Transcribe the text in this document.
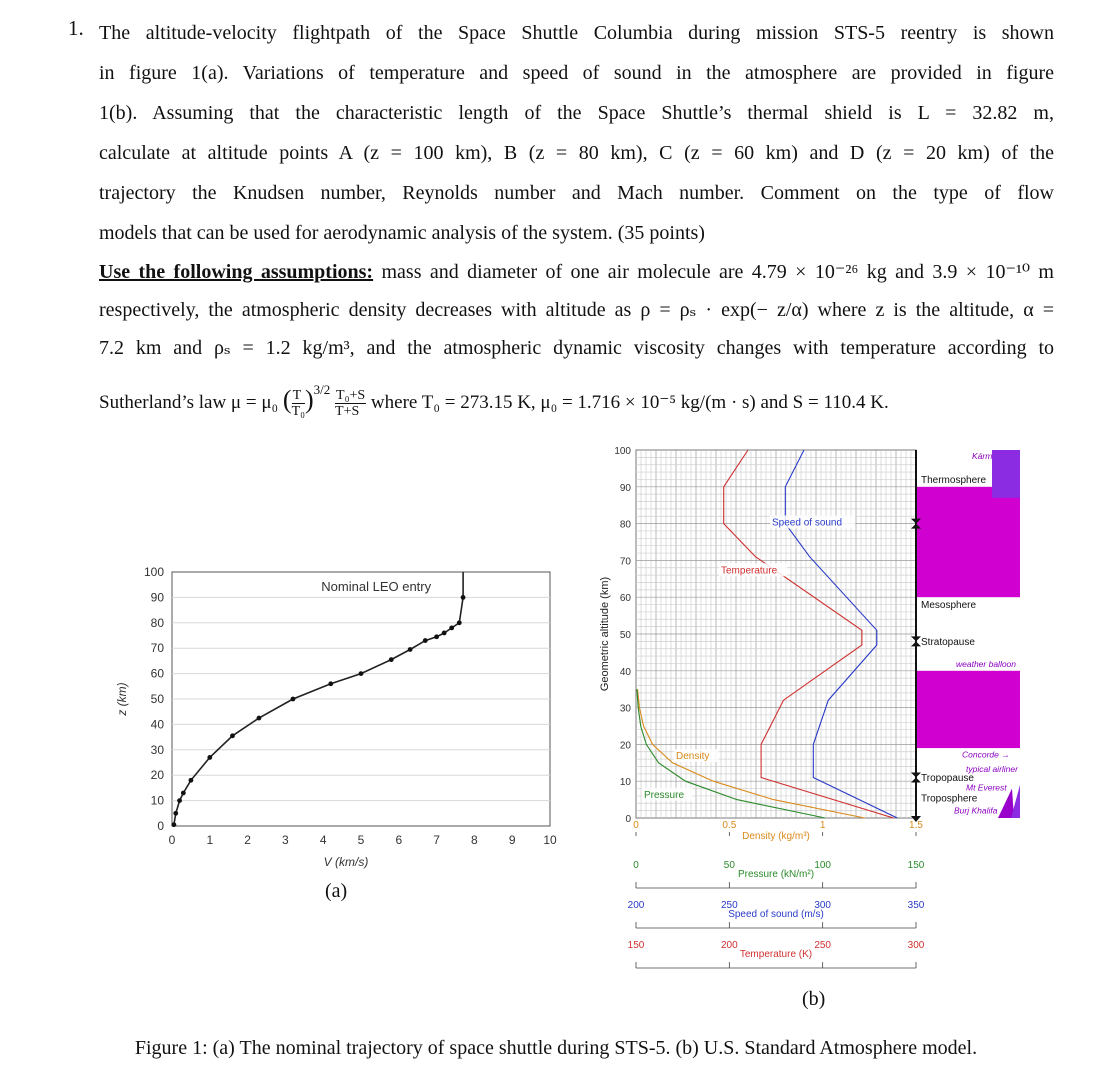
1. The altitude-velocity flightpath of the Space Shuttle Columbia during mission STS-5 reentry is shown
in figure 1(a). Variations of temperature and speed of sound in the atmosphere are provided in figure
1(b). Assuming that the characteristic length of the Space Shuttle’s thermal shield is L = 32.82 m,
calculate at altitude points A (z = 100 km), B (z = 80 km), C (z = 60 km) and D (z = 20 km) of the
trajectory the Knudsen number, Reynolds number and Mach number. Comment on the type of flow
models that can be used for aerodynamic analysis of the system. (35 points)
Use the following assumptions: mass and diameter of one air molecule are 4.79 × 10⁻²⁶ kg and 3.9 × 10⁻¹⁰ m
respectively, the atmospheric density decreases with altitude as ρ = ρₛ · exp(− z/α) where z is the altitude, α =
7.2 km and ρₛ = 1.2 kg/m³, and the atmospheric dynamic viscosity changes with temperature according to
Sutherland’s law μ = μ₀ ( $\frac{T}{\text{T₀}} )^{3/2} \frac{\text{T₀+S}}{T+S}$ where T₀ = 273.15 K, μ₀ = 1.716 × 10⁻⁵ kg/(m · s) and S = 110.4 K.
0
10
20
30
40
50
60
70
80
90
100
0	1	2	3	4	5	6	7	8	9 10
V (km/s)
z (km)
Nominal LEO entry
(a)
0
10
20
30
40
50
60
70
80
90
100
Geometric altitude (km)
Temperature
Speed of sound
Density
Pressure
Thermosphere
Mesosphere
Stratopause
Tropopause
Troposphere
Kárm
weather balloon
Concorde →
typical airliner
Mt Everest
Burj Khalifa
0	0.5	1	1.5
Density (kg/m³)
0	50	100	150
Pressure (kN/m²)
200	250	300	350
Speed of sound (m/s)
150	200	250	300
Temperature (K)
(b)
Figure 1: (a) The nominal trajectory of space shuttle during STS-5. (b) U.S. Standard Atmosphere model.
